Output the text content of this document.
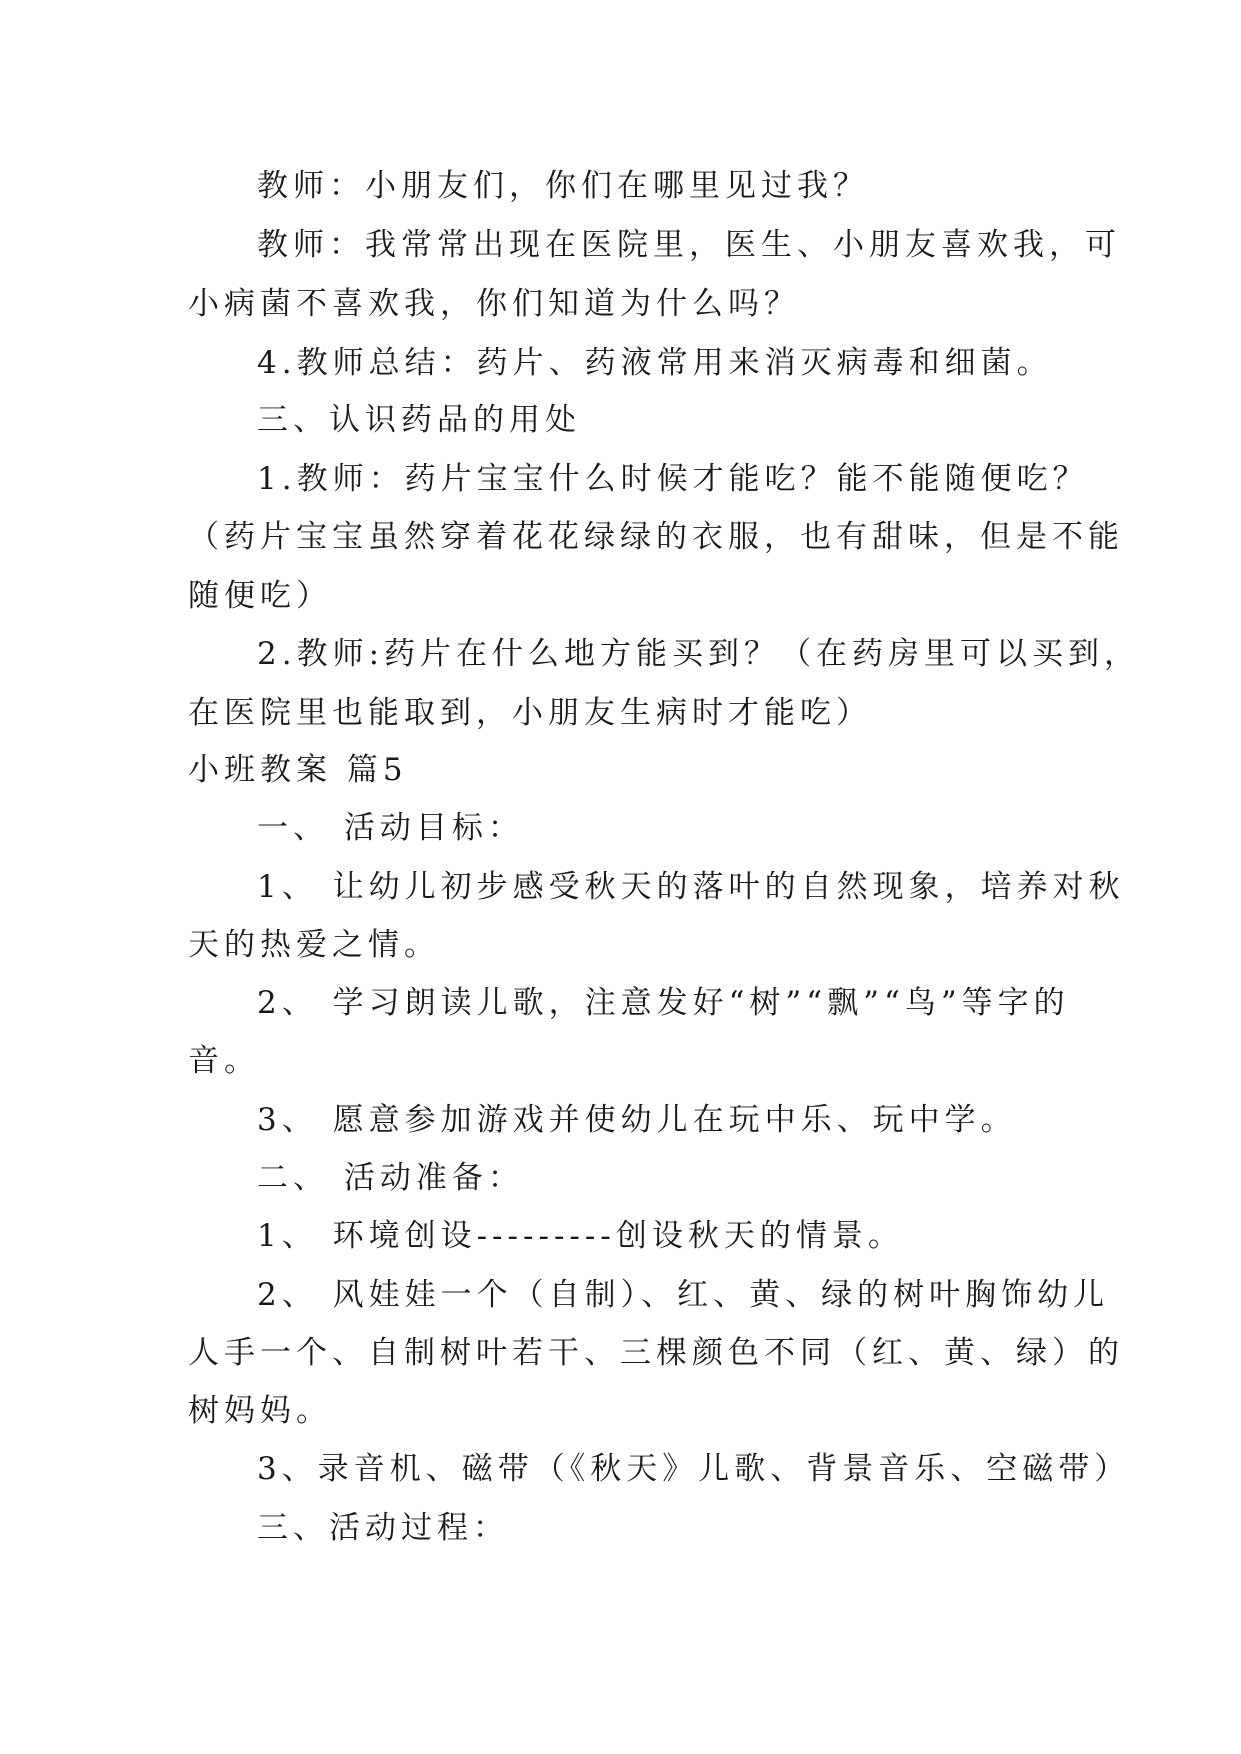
教师：小朋友们，你们在哪里见过我？

教师：我常常出现在医院里，医生、小朋友喜欢我，可

小病菌不喜欢我，你们知道为什么吗？

4.教师总结：药片、药液常用来消灭病毒和细菌。

三、认识药品的用处

1.教师：药片宝宝什么时候才能吃？能不能随便吃？

（药片宝宝虽然穿着花花绿绿的衣服，也有甜味，但是不能

随便吃）

2.教师:药片在什么地方能买到？（在药房里可以买到，

在医院里也能取到，小朋友生病时才能吃）

小班教案 篇5

一、 活动目标：

1、 让幼儿初步感受秋天的落叶的自然现象，培养对秋

天的热爱之情。

2、 学习朗读儿歌，注意发好“树”“飘”“鸟”等字的

音。

3、 愿意参加游戏并使幼儿在玩中乐、玩中学。

二、 活动准备：

1、 环境创设---------创设秋天的情景。

2、 风娃娃一个（自制）、红、黄、绿的树叶胸饰幼儿

人手一个、自制树叶若干、三棵颜色不同（红、黄、绿）的

树妈妈。

3、录音机、磁带（《秋天》儿歌、背景音乐、空磁带）

三、活动过程：
